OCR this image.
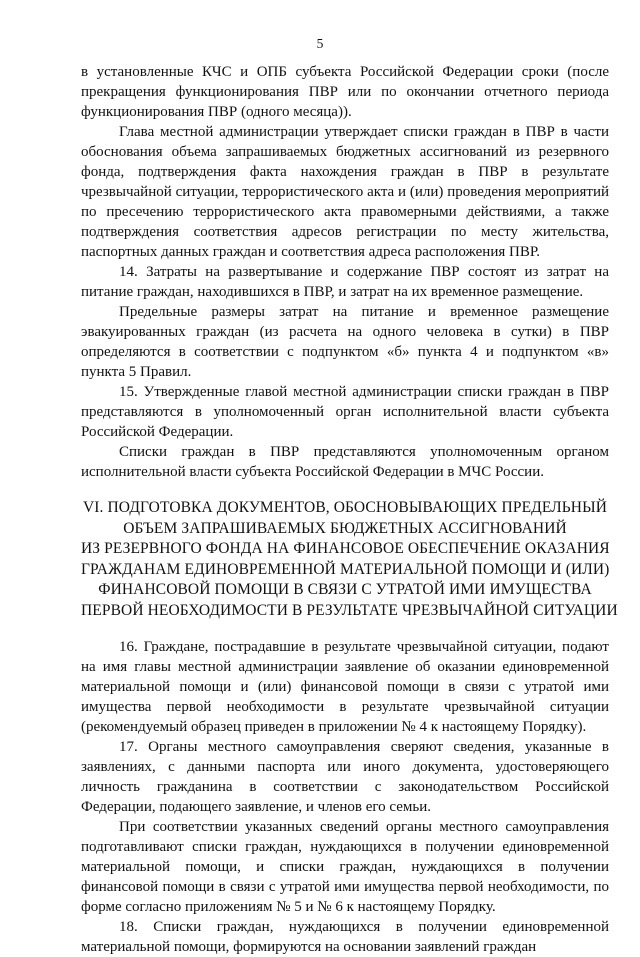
5

в установленные КЧС и ОПБ субъекта Российской Федерации сроки (после прекращения функционирования ПВР или по окончании отчетного периода функционирования ПВР (одного месяца)).

Глава местной администрации утверждает списки граждан в ПВР в части обоснования объема запрашиваемых бюджетных ассигнований из резервного фонда, подтверждения факта нахождения граждан в ПВР в результате чрезвычайной ситуации, террористического акта и (или) проведения мероприятий по пресечению террористического акта правомерными действиями, а также подтверждения соответствия адресов регистрации по месту жительства, паспортных данных граждан и соответствия адреса расположения ПВР.

14. Затраты на развертывание и содержание ПВР состоят из затрат на питание граждан, находившихся в ПВР, и затрат на их временное размещение.

Предельные размеры затрат на питание и временное размещение эвакуированных граждан (из расчета на одного человека в сутки) в ПВР определяются в соответствии с подпунктом «б» пункта 4 и подпунктом «в» пункта 5 Правил.

15. Утвержденные главой местной администрации списки граждан в ПВР представляются в уполномоченный орган исполнительной власти субъекта Российской Федерации.

Списки граждан в ПВР представляются уполномоченным органом исполнительной власти субъекта Российской Федерации в МЧС России.

VI. ПОДГОТОВКА ДОКУМЕНТОВ, ОБОСНОВЫВАЮЩИХ ПРЕДЕЛЬНЫЙ
ОБЪЕМ ЗАПРАШИВАЕМЫХ БЮДЖЕТНЫХ АССИГНОВАНИЙ
ИЗ РЕЗЕРВНОГО ФОНДА НА ФИНАНСОВОЕ ОБЕСПЕЧЕНИЕ ОКАЗАНИЯ
ГРАЖДАНАМ ЕДИНОВРЕМЕННОЙ МАТЕРИАЛЬНОЙ ПОМОЩИ И (ИЛИ)
ФИНАНСОВОЙ ПОМОЩИ В СВЯЗИ С УТРАТОЙ ИМИ ИМУЩЕСТВА
ПЕРВОЙ НЕОБХОДИМОСТИ В РЕЗУЛЬТАТЕ ЧРЕЗВЫЧАЙНОЙ СИТУАЦИИ

16. Граждане, пострадавшие в результате чрезвычайной ситуации, подают на имя главы местной администрации заявление об оказании единовременной материальной помощи и (или) финансовой помощи в связи с утратой ими имущества первой необходимости в результате чрезвычайной ситуации (рекомендуемый образец приведен в приложении № 4 к настоящему Порядку).

17. Органы местного самоуправления сверяют сведения, указанные в заявлениях, с данными паспорта или иного документа, удостоверяющего личность гражданина в соответствии с законодательством Российской Федерации, подающего заявление, и членов его семьи.

При соответствии указанных сведений органы местного самоуправления подготавливают списки граждан, нуждающихся в получении единовременной материальной помощи, и списки граждан, нуждающихся в получении финансовой помощи в связи с утратой ими имущества первой необходимости, по форме согласно приложениям № 5 и № 6 к настоящему Порядку.

18. Списки граждан, нуждающихся в получении единовременной материальной помощи, формируются на основании заявлений граждан
